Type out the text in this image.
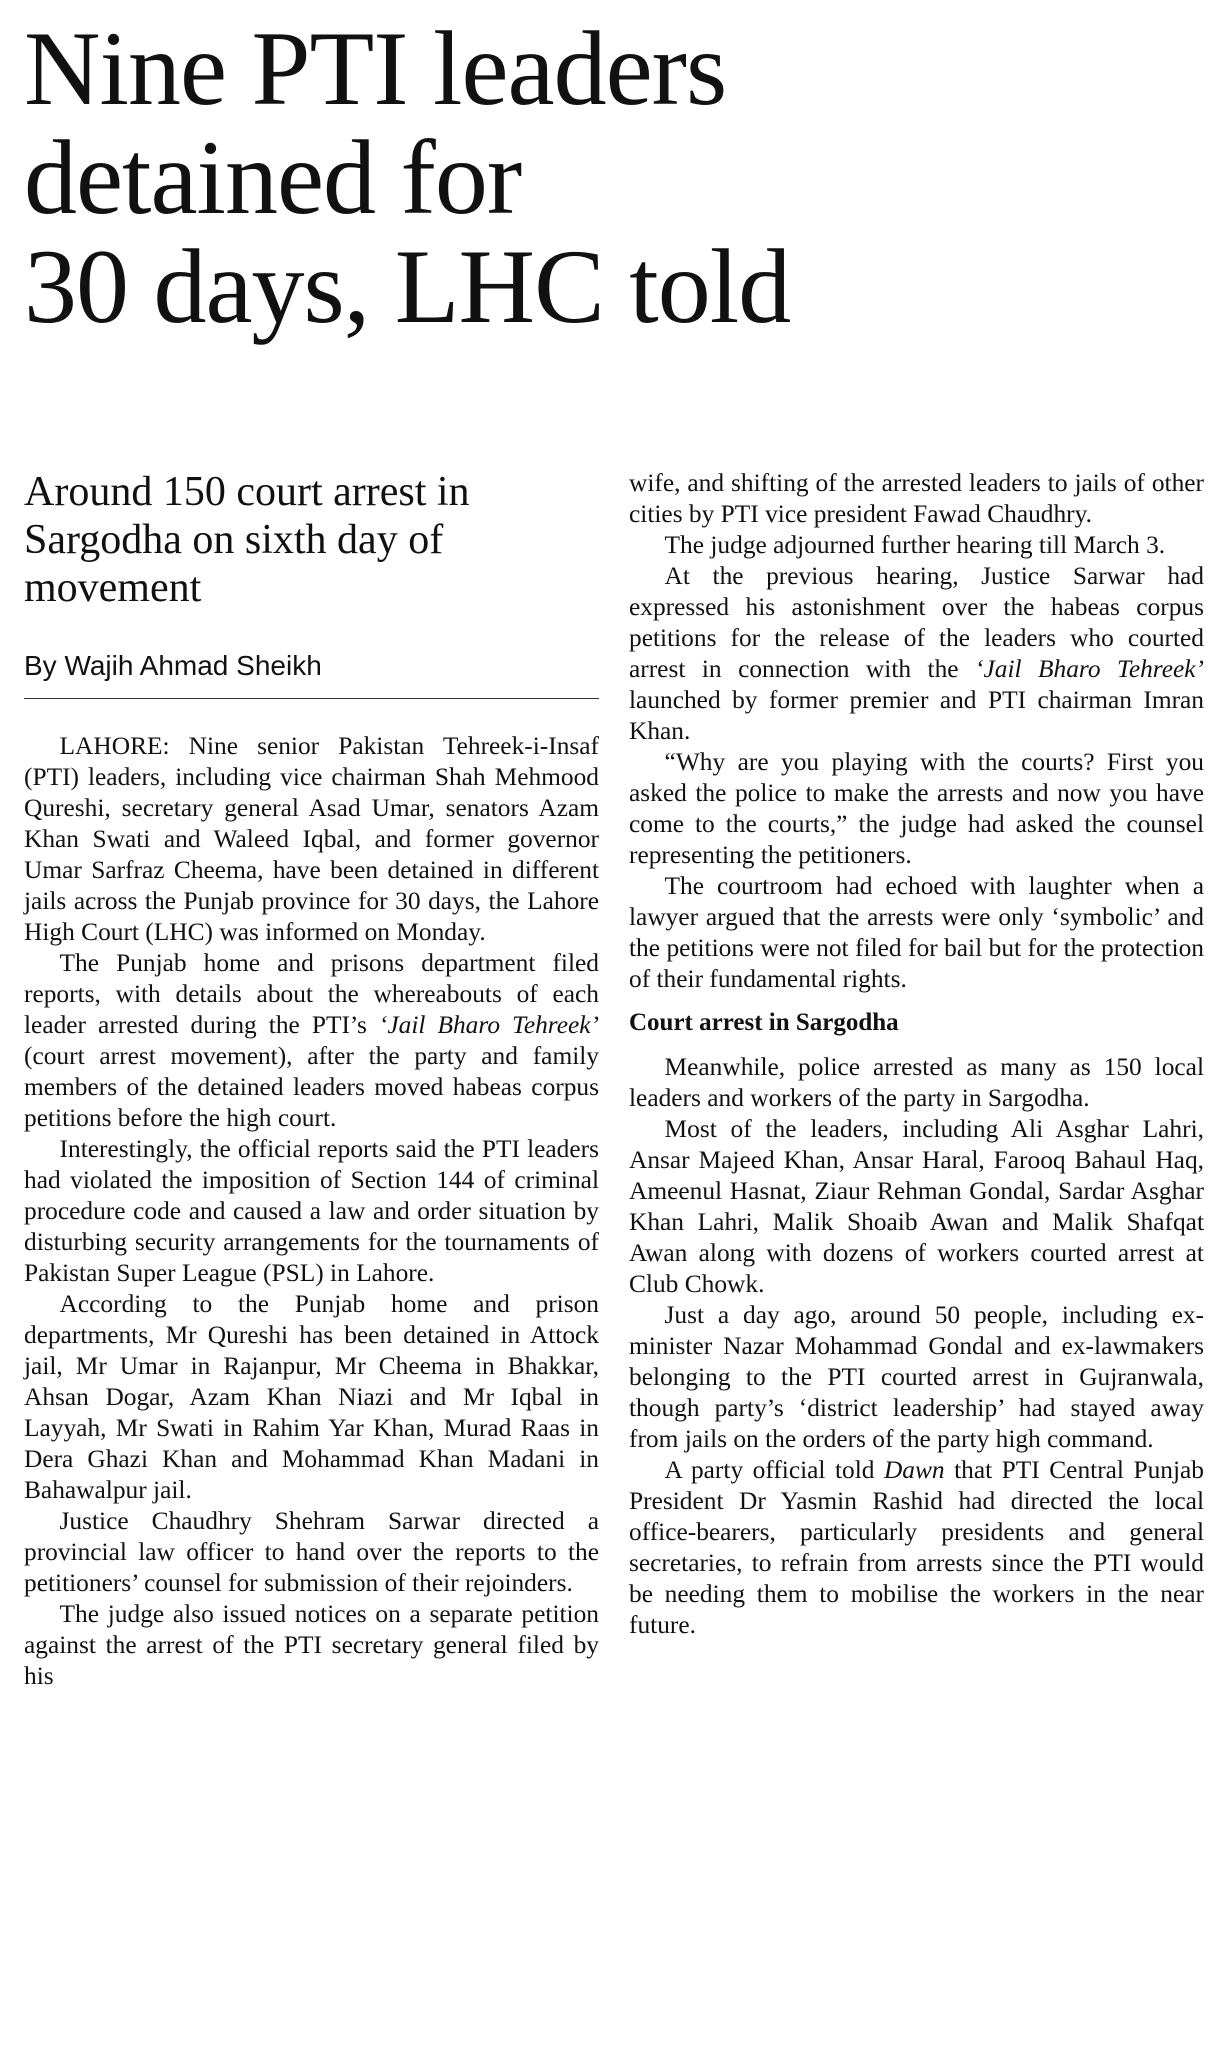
Nine PTI leaders
detained for
30 days, LHC told
Around 150 court arrest in Sargodha on sixth day of movement
By Wajih Ahmad Sheikh

LAHORE: Nine senior Pakistan Tehreek-i-Insaf (PTI) leaders, including vice chairman Shah Mehmood Qureshi, secretary general Asad Umar, senators Azam Khan Swati and Waleed Iqbal, and former governor Umar Sarfraz Cheema, have been detained in different jails across the Punjab province for 30 days, the Lahore High Court (LHC) was informed on Monday.

The Punjab home and prisons department filed reports, with details about the whereabouts of each leader arrested during the PTI’s ‘Jail Bharo Tehreek’ (court arrest movement), after the party and family members of the detained leaders moved habeas corpus petitions before the high court.

Interestingly, the official reports said the PTI leaders had violated the imposition of Section 144 of criminal procedure code and caused a law and order situation by disturbing security arrangements for the tournaments of Pakistan Super League (PSL) in Lahore.

According to the Punjab home and prison departments, Mr Qureshi has been detained in Attock jail, Mr Umar in Rajanpur, Mr Cheema in Bhakkar, Ahsan Dogar, Azam Khan Niazi and Mr Iqbal in Layyah, Mr Swati in Rahim Yar Khan, Murad Raas in Dera Ghazi Khan and Mohammad Khan Madani in Bahawalpur jail.

Justice Chaudhry Shehram Sarwar directed a provincial law officer to hand over the reports to the petitioners’ counsel for submission of their rejoinders.

The judge also issued notices on a separate petition against the arrest of the PTI secretary general filed by his

wife, and shifting of the arrested leaders to jails of other cities by PTI vice president Fawad Chaudhry.

The judge adjourned further hearing till March 3.

At the previous hearing, Justice Sarwar had expressed his astonishment over the habeas corpus petitions for the release of the leaders who courted arrest in connection with the ‘Jail Bharo Tehreek’ launched by former premier and PTI chairman Imran Khan.

“Why are you playing with the courts? First you asked the police to make the arrests and now you have come to the courts,” the judge had asked the counsel representing the petitioners.

The courtroom had echoed with laughter when a lawyer argued that the arrests were only ‘symbolic’ and the petitions were not filed for bail but for the protection of their fundamental rights.

Court arrest in Sargodha

Meanwhile, police arrested as many as 150 local leaders and workers of the party in Sargodha.

Most of the leaders, including Ali Asghar Lahri, Ansar Majeed Khan, Ansar Haral, Farooq Bahaul Haq, Ameenul Hasnat, Ziaur Rehman Gondal, Sardar Asghar Khan Lahri, Malik Shoaib Awan and Malik Shafqat Awan along with dozens of workers courted arrest at Club Chowk.

Just a day ago, around 50 people, including ex-minister Nazar Mohammad Gondal and ex-lawmakers belonging to the PTI courted arrest in Gujranwala, though party’s ‘district leadership’ had stayed away from jails on the orders of the party high command.

A party official told Dawn that PTI Central Punjab President Dr Yasmin Rashid had directed the local office-bearers, particularly presidents and general secretaries, to refrain from arrests since the PTI would be needing them to mobilise the workers in the near future.
